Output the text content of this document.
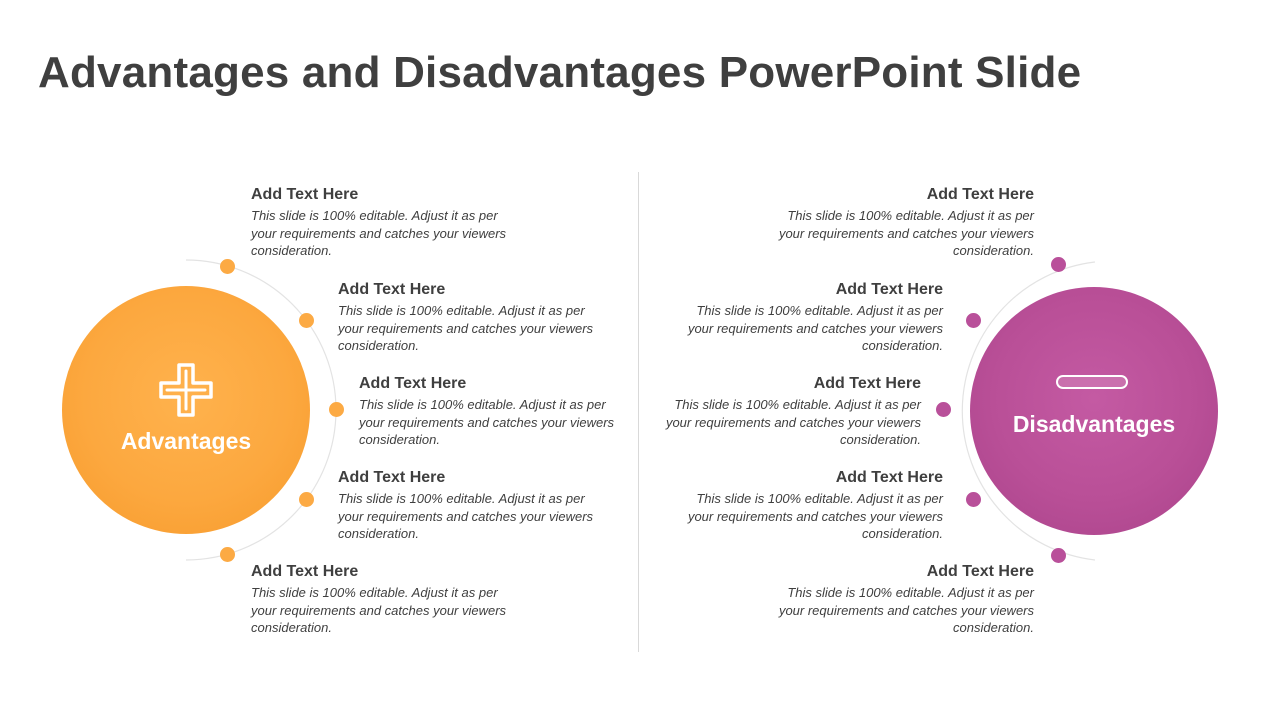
Advantages and Disadvantages PowerPoint Slide
Advantages
Disadvantages
Add Text Here
This slide is 100% editable. Adjust it as per your requirements and catches your viewers consideration.
Add Text Here
This slide is 100% editable. Adjust it as per your requirements and catches your viewers consideration.
Add Text Here
This slide is 100% editable. Adjust it as per your requirements and catches your viewers consideration.
Add Text Here
This slide is 100% editable. Adjust it as per your requirements and catches your viewers consideration.
Add Text Here
This slide is 100% editable. Adjust it as per your requirements and catches your viewers consideration.
Add Text Here
This slide is 100% editable. Adjust it as per your requirements and catches your viewers consideration.
Add Text Here
This slide is 100% editable. Adjust it as per your requirements and catches your viewers consideration.
Add Text Here
This slide is 100% editable. Adjust it as per your requirements and catches your viewers consideration.
Add Text Here
This slide is 100% editable. Adjust it as per your requirements and catches your viewers consideration.
Add Text Here
This slide is 100% editable. Adjust it as per your requirements and catches your viewers consideration.
